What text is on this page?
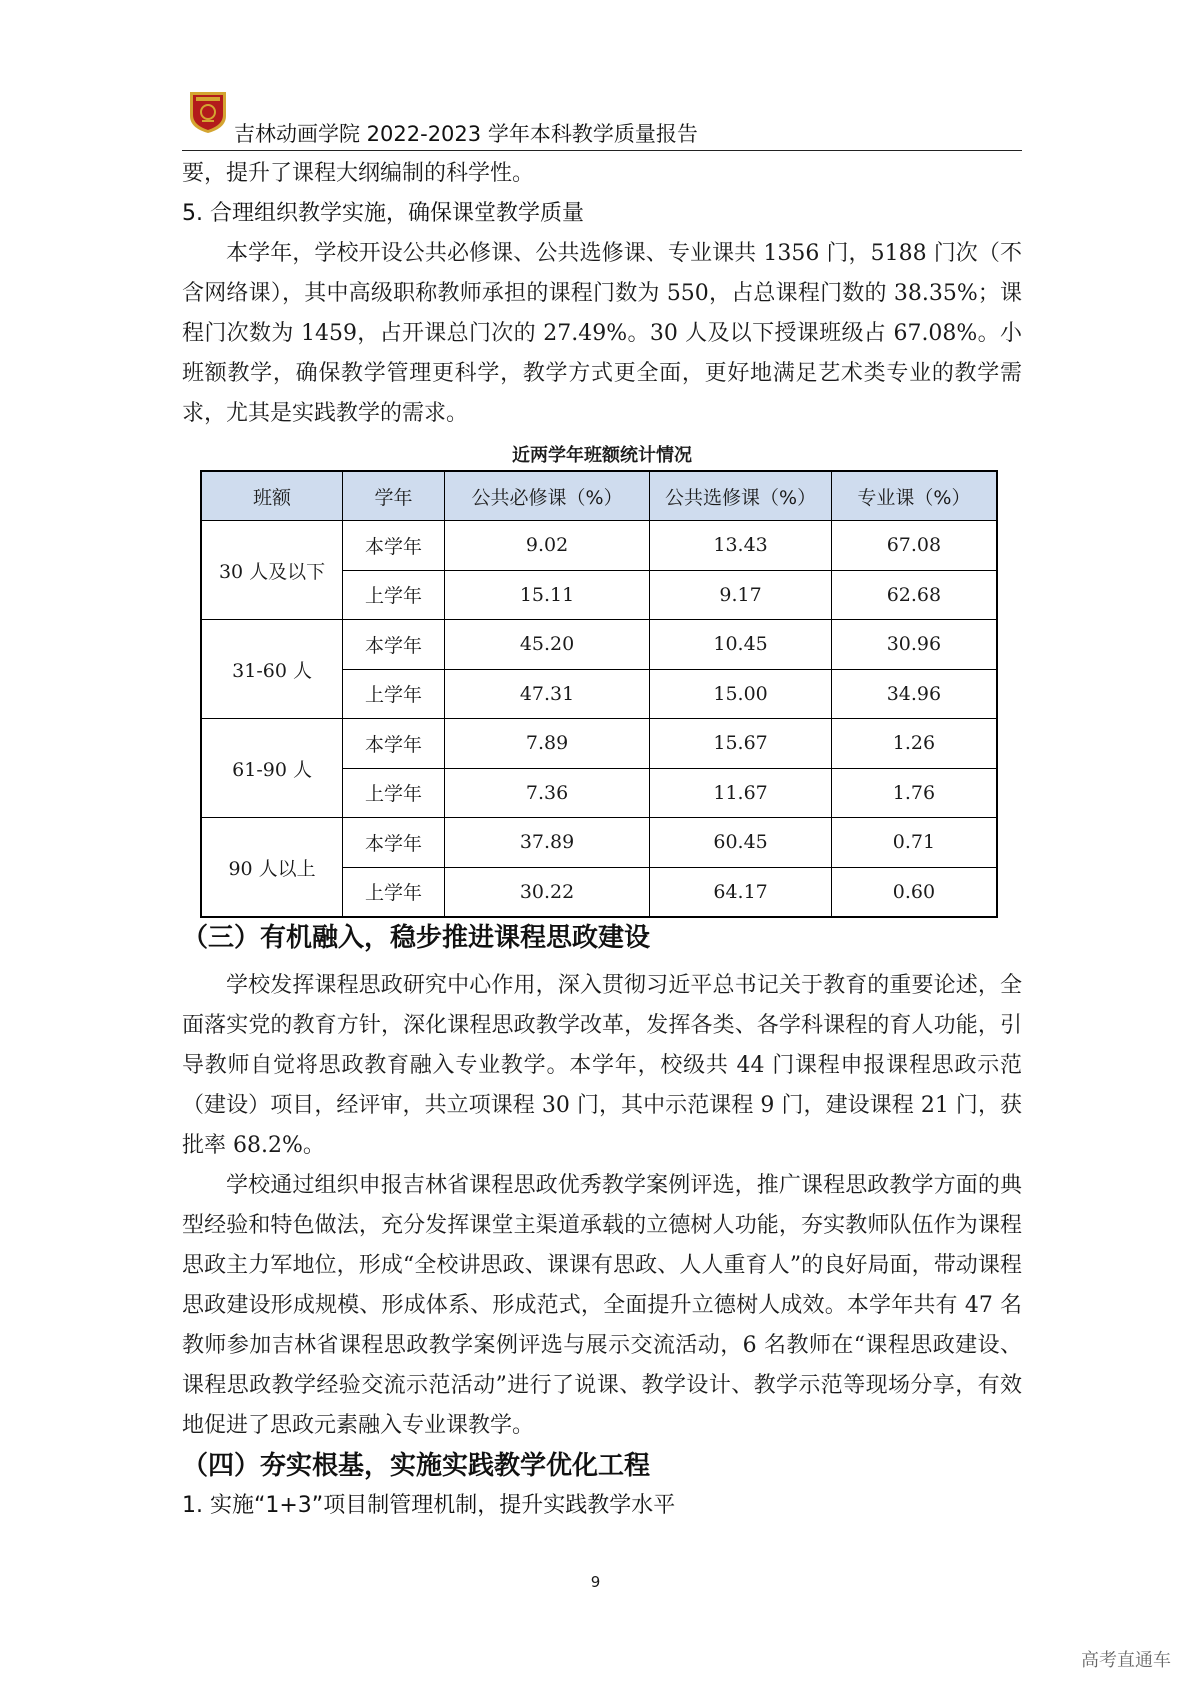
吉林动画学院 2022-2023 学年本科教学质量报告

要，提升了课程大纲编制的科学性。

5. 合理组织教学实施，确保课堂教学质量

本学年，学校开设公共必修课、公共选修课、专业课共 1356 门，5188 门次（不含网络课），其中高级职称教师承担的课程门数为 550，占总课程门数的 38.35%；课程门次数为 1459，占开课总门次的 27.49%。30 人及以下授课班级占 67.08%。小班额教学，确保教学管理更科学，教学方式更全面，更好地满足艺术类专业的教学需求，尤其是实践教学的需求。

近两学年班额统计情况
班额	学年	公共必修课（%）	公共选修课（%）	专业课（%）
30 人及以下	本学年	9.02	13.43	67.08
	上学年	15.11	9.17	62.68
31-60 人	本学年	45.20	10.45	30.96
	上学年	47.31	15.00	34.96
61-90 人	本学年	7.89	15.67	1.26
	上学年	7.36	11.67	1.76
90 人以上	本学年	37.89	60.45	0.71
	上学年	30.22	64.17	0.60

（三）有机融入，稳步推进课程思政建设

学校发挥课程思政研究中心作用，深入贯彻习近平总书记关于教育的重要论述，全面落实党的教育方针，深化课程思政教学改革，发挥各类、各学科课程的育人功能，引导教师自觉将思政教育融入专业教学。本学年，校级共 44 门课程申报课程思政示范（建设）项目，经评审，共立项课程 30 门，其中示范课程 9 门，建设课程 21 门，获批率 68.2%。

学校通过组织申报吉林省课程思政优秀教学案例评选，推广课程思政教学方面的典型经验和特色做法，充分发挥课堂主渠道承载的立德树人功能，夯实教师队伍作为课程思政主力军地位，形成“全校讲思政、课课有思政、人人重育人”的良好局面，带动课程思政建设形成规模、形成体系、形成范式，全面提升立德树人成效。本学年共有 47 名教师参加吉林省课程思政教学案例评选与展示交流活动，6 名教师在“课程思政建设、课程思政教学经验交流示范活动”进行了说课、教学设计、教学示范等现场分享，有效地促进了思政元素融入专业课教学。

（四）夯实根基，实施实践教学优化工程

1. 实施“1+3”项目制管理机制，提升实践教学水平

9
高考直通车
